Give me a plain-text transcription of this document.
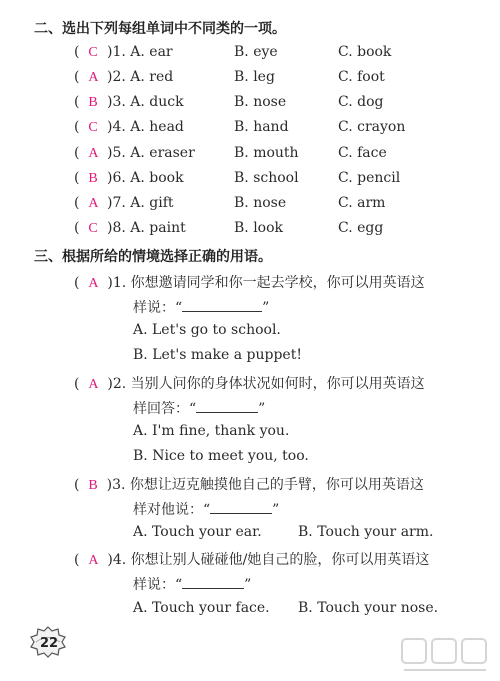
二、选出下列每组单词中不同类的一项。
(  C )1. A. ear	B. eye	C. book
(  A )2. A. red	B. leg	C. foot
(  B )3. A. duck	B. nose	C. dog
(  C )4. A. head	B. hand	C. crayon
(  A )5. A. eraser	B. mouth	C. face
(  B )6. A. book	B. school	C. pencil
(  A )7. A. gift	B. nose	C. arm
(  C )8. A. paint	B. look	C. egg
三、根据所给的情境选择正确的用语。
(  A )1. 你想邀请同学和你一起去学校，你可以用英语这
样说：“	”
A. Let's go to school.
B. Let's make a puppet!
(  A )2. 当别人问你的身体状况如何时，你可以用英语这
样回答：“	”
A. I'm fine, thank you.
B. Nice to meet you, too.
(  B )3. 你想让迈克触摸他自己的手臂，你可以用英语这
样对他说：“	”
A. Touch your ear.	B. Touch your arm.
(  A )4. 你想让别人碰碰他/她自己的脸，你可以用英语这
样说：“	”
A. Touch your face. B. Touch your nose.
22
